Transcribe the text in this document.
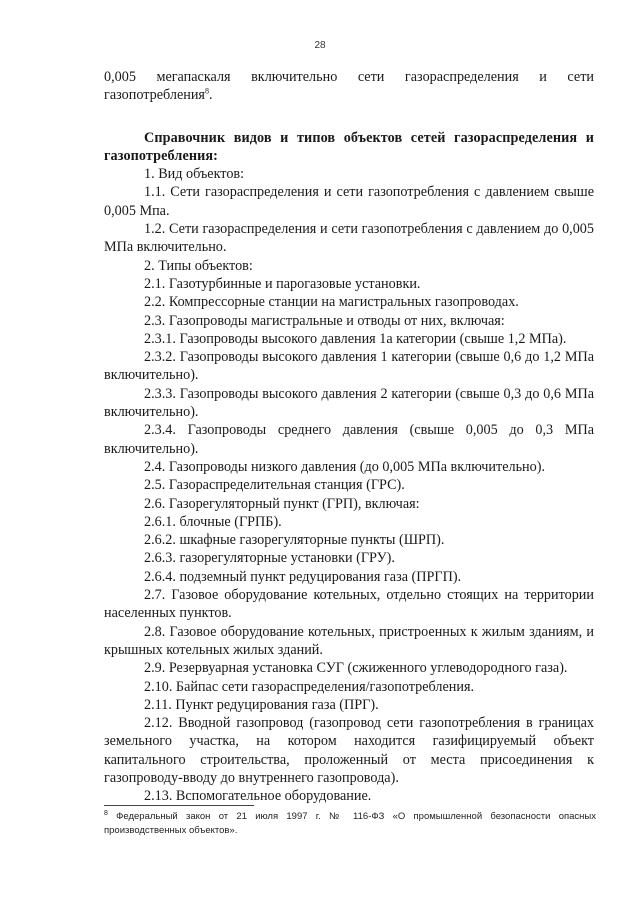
28

0,005 мегапаскаля включительно сети газораспределения и сети

газопотребления$^8$.

Справочник видов и типов объектов сетей газораспределения и газопотребления:

1. Вид объектов:

1.1. Сети газораспределения и сети газопотребления с давлением свыше 0,005 Мпа.

1.2. Сети газораспределения и сети газопотребления с давлением до 0,005 МПа включительно.

2. Типы объектов:

2.1. Газотурбинные и парогазовые установки.

2.2. Компрессорные станции на магистральных газопроводах.

2.3. Газопроводы магистральные и отводы от них, включая:

2.3.1. Газопроводы высокого давления 1а категории (свыше 1,2 МПа).

2.3.2. Газопроводы высокого давления 1 категории (свыше 0,6 до 1,2 МПа включительно).

2.3.3. Газопроводы высокого давления 2 категории (свыше 0,3 до 0,6 МПа включительно).

2.3.4. Газопроводы среднего давления (свыше 0,005 до 0,3 МПа включительно).

2.4. Газопроводы низкого давления (до 0,005 МПа включительно).

2.5. Газораспределительная станция (ГРС).

2.6. Газорегуляторный пункт (ГРП), включая:

2.6.1. блочные (ГРПБ).

2.6.2. шкафные газорегуляторные пункты (ШРП).

2.6.3. газорегуляторные установки (ГРУ).

2.6.4. подземный пункт редуцирования газа (ПРГП).

2.7. Газовое оборудование котельных, отдельно стоящих на территории населенных пунктов.

2.8. Газовое оборудование котельных, пристроенных к жилым зданиям, и крышных котельных жилых зданий.

2.9. Резервуарная установка СУГ (сжиженного углеводородного газа).

2.10. Байпас сети газораспределения/газопотребления.

2.11. Пункт редуцирования газа (ПРГ).

2.12. Вводной газопровод (газопровод сети газопотребления в границах земельного участка, на котором находится газифицируемый объект капитального строительства, проложенный от места присоединения к газопроводу-вводу до внутреннего газопровода).

2.13. Вспомогательное оборудование.

$^8$ Федеральный закон от 21 июля 1997 г. № 116-ФЗ «О промышленной безопасности опасных производственных объектов».
